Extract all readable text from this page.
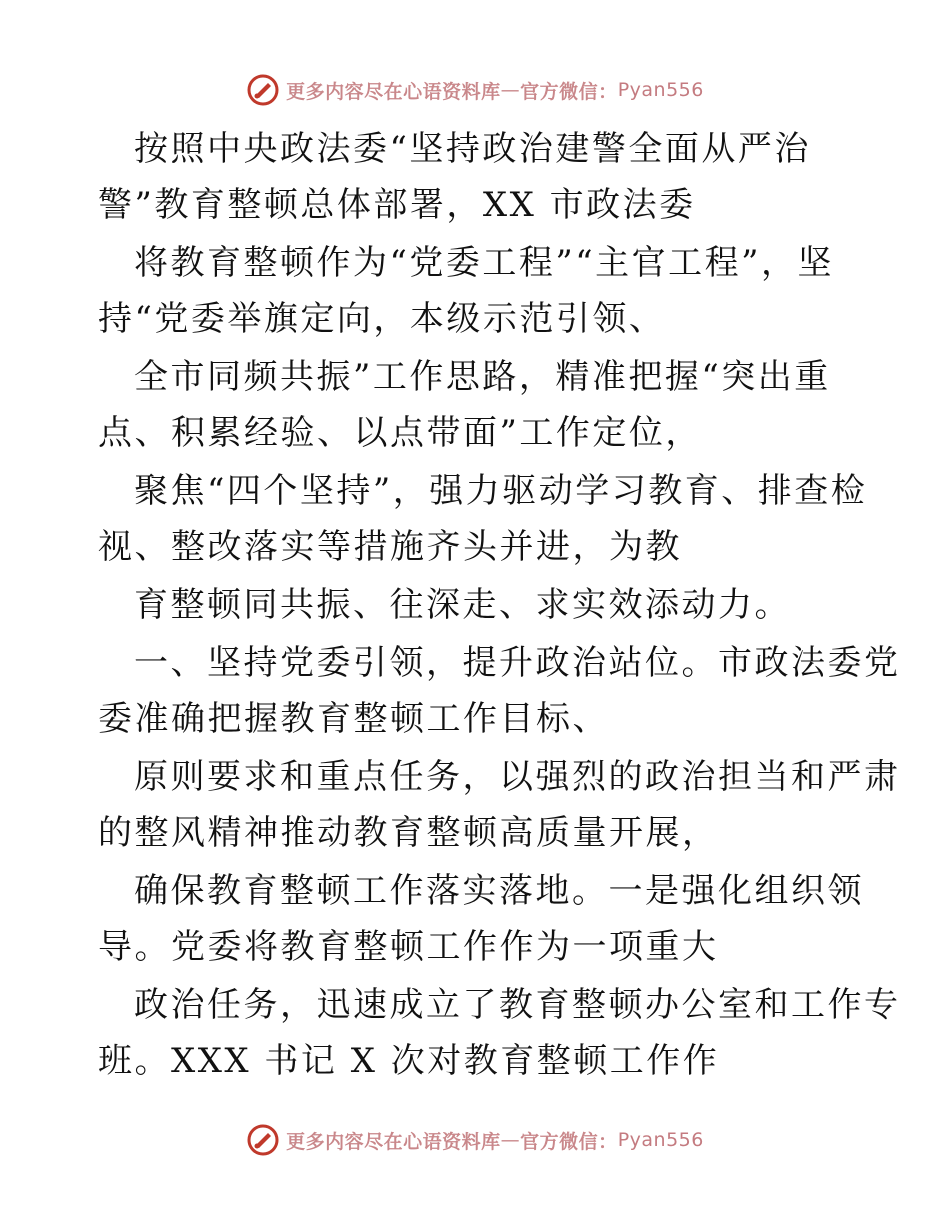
更多内容尽在心语资料库 — 官方微信： Pyan556
按照中央政法委“坚持政治建警全面从严治
警”教育整顿总体部署，XX 市政法委
将教育整顿作为“党委工程”“主官工程”，坚
持“党委举旗定向，本级示范引领、
全市同频共振”工作思路，精准把握“突出重
点、积累经验、以点带面”工作定位，
聚焦“四个坚持”，强力驱动学习教育、排查检
视、整改落实等措施齐头并进，为教
育整顿同共振、往深走、求实效添动力。
一、坚持党委引领，提升政治站位。市政法委党
委准确把握教育整顿工作目标、
原则要求和重点任务，以强烈的政治担当和严肃
的整风精神推动教育整顿高质量开展，
确保教育整顿工作落实落地。一是强化组织领
导。党委将教育整顿工作作为一项重大
政治任务，迅速成立了教育整顿办公室和工作专
班。XXX 书记 X 次对教育整顿工作作
更多内容尽在心语资料库 — 官方微信： Pyan556
